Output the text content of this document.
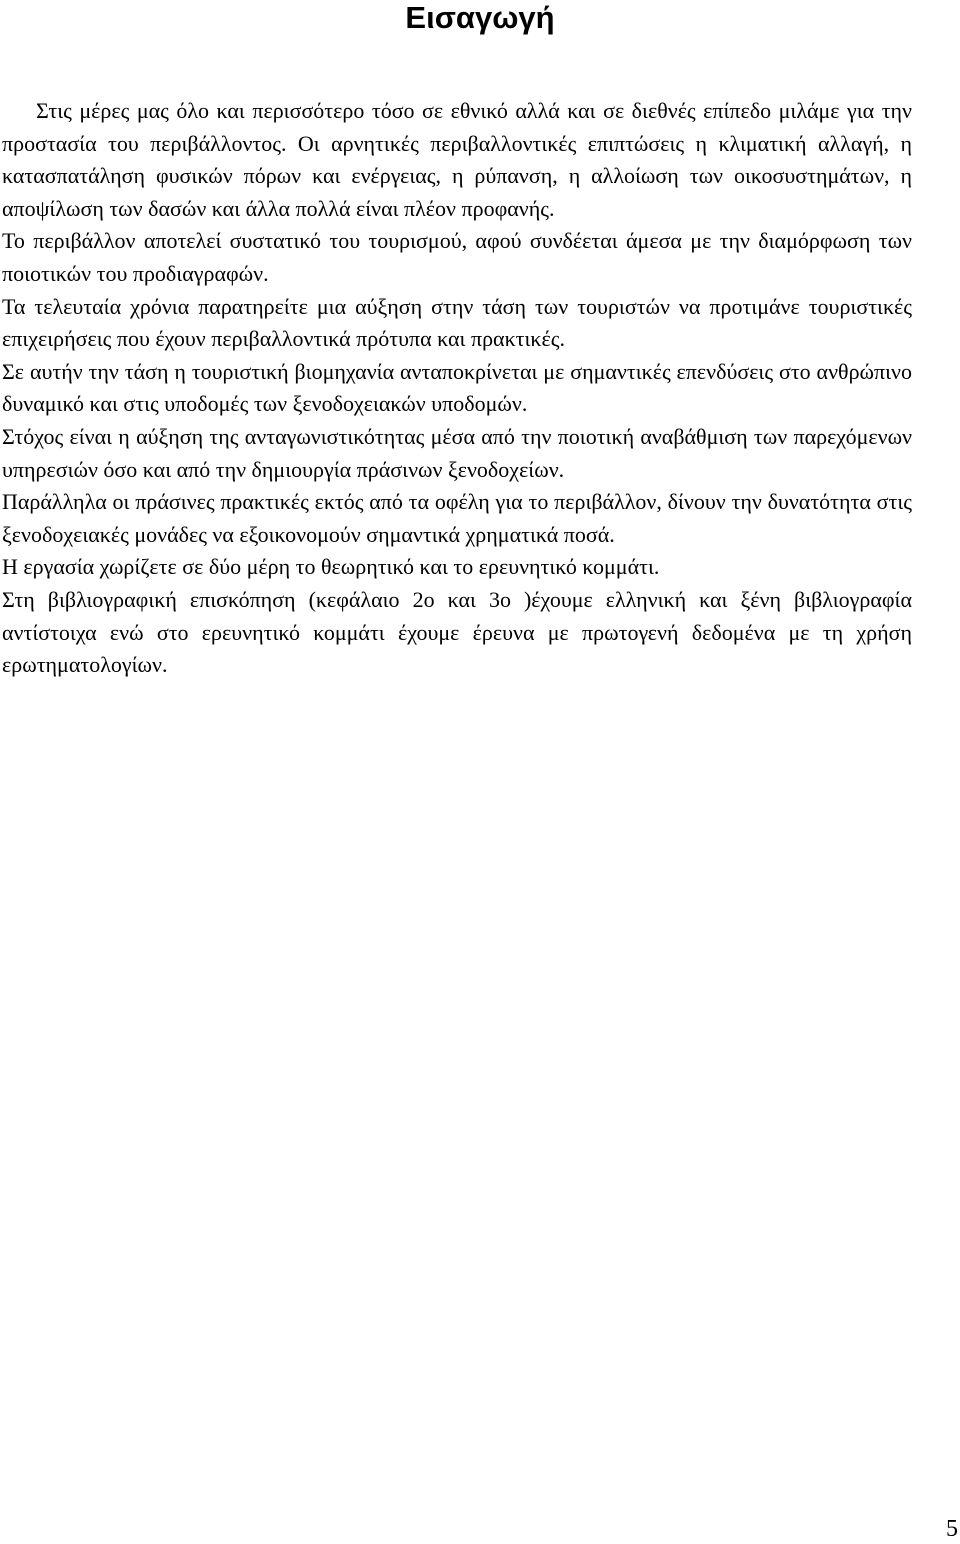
Εισαγωγή

Στις μέρες μας όλο και περισσότερο τόσο σε εθνικό αλλά και σε διεθνές επίπεδο μιλάμε για την προστασία του περιβάλλοντος. Οι αρνητικές περιβαλλοντικές επιπτώσεις η κλιματική αλλαγή, η κατασπατάληση φυσικών πόρων και ενέργειας, η ρύπανση, η αλλοίωση των οικοσυστημάτων, η αποψίλωση των δασών και άλλα πολλά είναι πλέον προφανής.

Το περιβάλλον αποτελεί συστατικό του τουρισμού, αφού συνδέεται άμεσα με την διαμόρφωση των ποιοτικών του προδιαγραφών.

Τα τελευταία χρόνια παρατηρείτε μια αύξηση στην τάση των τουριστών να προτιμάνε τουριστικές επιχειρήσεις που έχουν περιβαλλοντικά πρότυπα και πρακτικές.

Σε αυτήν την τάση η τουριστική βιομηχανία ανταποκρίνεται με σημαντικές επενδύσεις στο ανθρώπινο δυναμικό και στις υποδομές των ξενοδοχειακών υποδομών.

Στόχος είναι η αύξηση της ανταγωνιστικότητας μέσα από την ποιοτική αναβάθμιση των παρεχόμενων υπηρεσιών όσο και από την δημιουργία πράσινων ξενοδοχείων.

Παράλληλα οι πράσινες πρακτικές εκτός από τα οφέλη για το περιβάλλον, δίνουν την δυνατότητα στις ξενοδοχειακές μονάδες να εξοικονομούν σημαντικά χρηματικά ποσά.

Η εργασία χωρίζετε σε δύο μέρη το θεωρητικό και το ερευνητικό κομμάτι.

Στη βιβλιογραφική επισκόπηση (κεφάλαιο 2ο και 3ο )έχουμε ελληνική και ξένη βιβλιογραφία αντίστοιχα ενώ στο ερευνητικό κομμάτι έχουμε έρευνα με πρωτογενή δεδομένα με τη χρήση ερωτηματολογίων.

5
